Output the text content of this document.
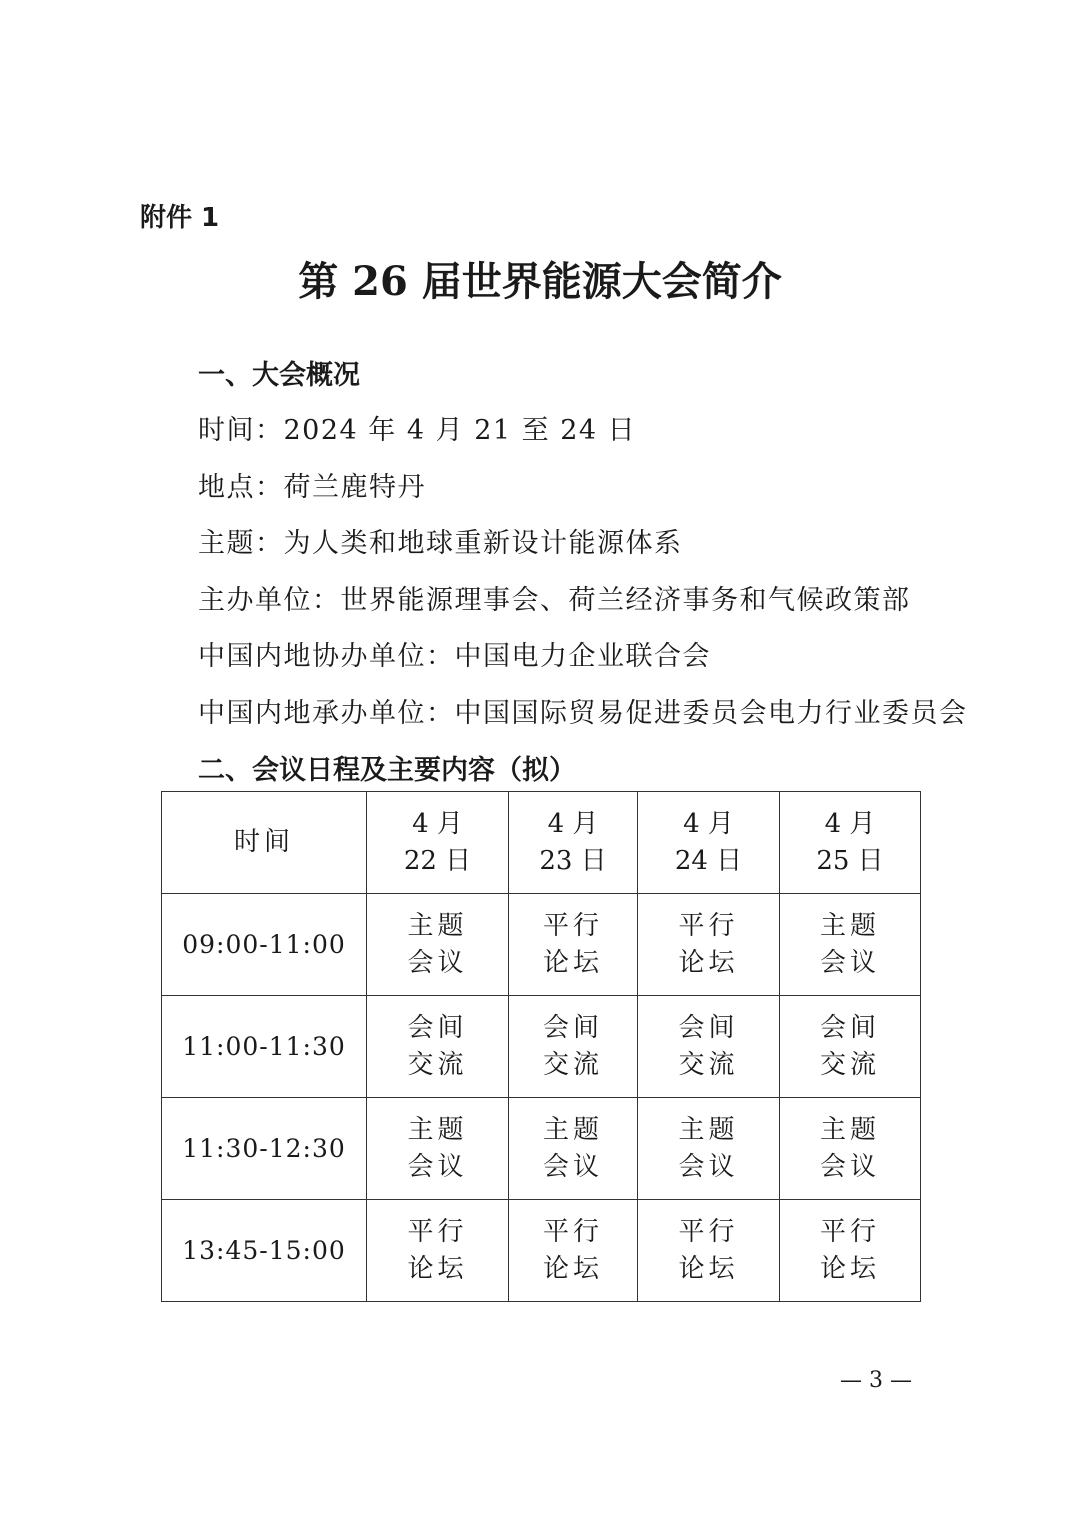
附件 1

第 26 届世界能源大会简介
一、大会概况
时间：2024 年 4 月 21 至 24 日
地点：荷兰鹿特丹
主题：为人类和地球重新设计能源体系
主办单位：世界能源理事会、荷兰经济事务和气候政策部
中国内地协办单位：中国电力企业联合会
中国内地承办单位：中国国际贸易促进委员会电力行业委员会
二、会议日程及主要内容（拟）
时间	4 月 22 日	4 月 23 日	4 月 24 日	4 月 25 日
09:00-11:00	主题会议	平行论坛	平行论坛	主题会议
11:00-11:30	会间交流	会间交流	会间交流	会间交流
11:30-12:30	主题会议	主题会议	主题会议	主题会议
13:45-15:00	平行论坛	平行论坛	平行论坛	平行论坛

— 3 —
